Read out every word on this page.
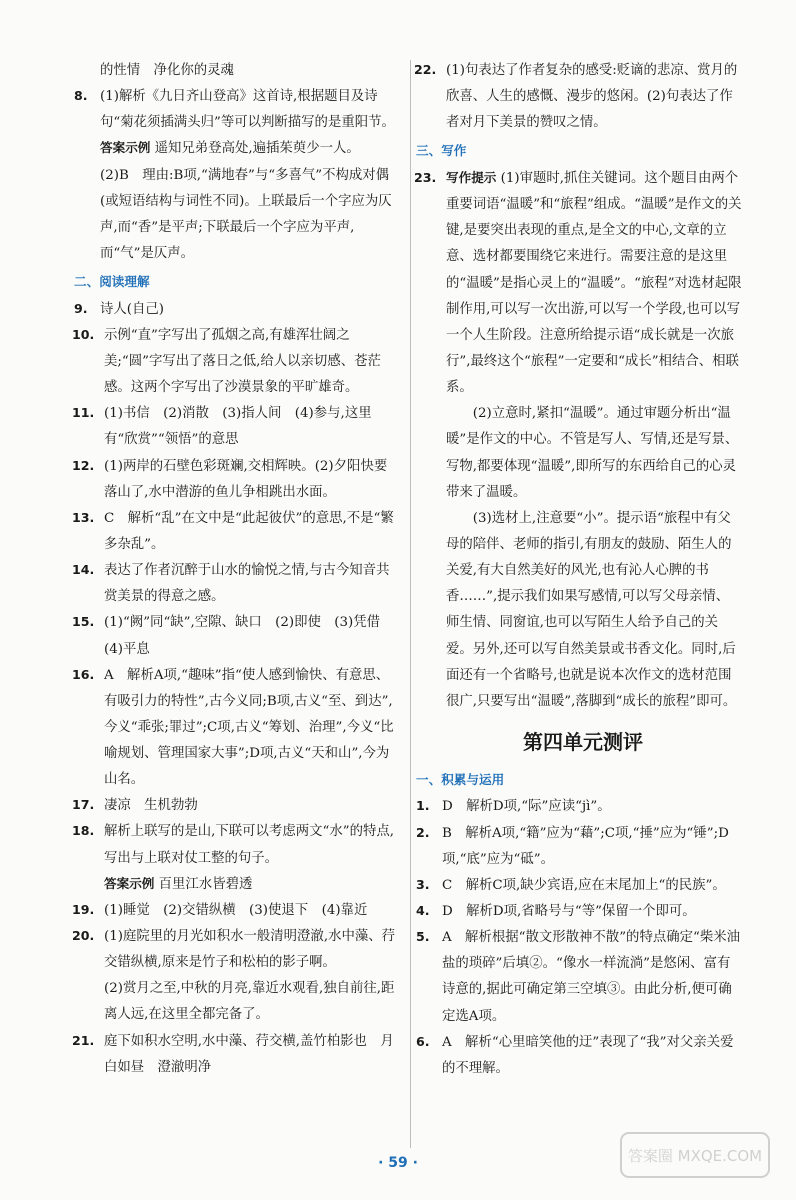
的性情　净化你的灵魂
8. (1)解析《九日齐山登高》这首诗,根据题目及诗句“菊花须插满头归”等可以判断描写的是重阳节。
答案示例 遥知兄弟登高处,遍插茱萸少一人。
(2)B　理由:B项,“满地春”与“多喜气”不构成对偶(或短语结构与词性不同)。上联最后一个字应为仄声,而“香”是平声;下联最后一个字应为平声,而“气”是仄声。
二、阅读理解
9. 诗人(自己)
10. 示例“直”字写出了孤烟之高,有雄浑壮阔之美;“圆”字写出了落日之低,给人以亲切感、苍茫感。这两个字写出了沙漠景象的平旷雄奇。
11. (1)书信　(2)消散　(3)指人间　(4)参与,这里有“欣赏”“领悟”的意思
12. (1)两岸的石壁色彩斑斓,交相辉映。(2)夕阳快要落山了,水中潜游的鱼儿争相跳出水面。
13. C　解析“乱”在文中是“此起彼伏”的意思,不是“繁多杂乱”。
14. 表达了作者沉醉于山水的愉悦之情,与古今知音共赏美景的得意之感。
15. (1)“阙”同“缺”,空隙、缺口　(2)即使　(3)凭借
(4)平息
16. A　解析A项,“趣味”指“使人感到愉快、有意思、有吸引力的特性”,古今义同;B项,古义“至、到达”,今义“乖张;罪过”;C项,古义“筹划、治理”,今义“比喻规划、管理国家大事”;D项,古义“天和山”,今为山名。
17. 凄凉　生机勃勃
18. 解析上联写的是山,下联可以考虑两文“水”的特点,写出与上联对仗工整的句子。
答案示例 百里江水皆碧透
19. (1)睡觉　(2)交错纵横　(3)使退下　(4)靠近
20. (1)庭院里的月光如积水一般清明澄澈,水中藻、荇交错纵横,原来是竹子和松柏的影子啊。
(2)赏月之至,中秋的月亮,靠近水观看,独自前往,距离人远,在这里全都完备了。
21. 庭下如积水空明,水中藻、荇交横,盖竹柏影也　月白如昼　澄澈明净
22. (1)句表达了作者复杂的感受:贬谪的悲凉、赏月的欣喜、人生的感慨、漫步的悠闲。(2)句表达了作者对月下美景的赞叹之情。
三、写作
23. 写作提示 (1)审题时,抓住关键词。这个题目由两个重要词语“温暖”和“旅程”组成。“温暖”是作文的关键,是要突出表现的重点,是全文的中心,文章的立意、选材都要围绕它来进行。需要注意的是这里的“温暖”是指心灵上的“温暖”。“旅程”对选材起限制作用,可以写一次出游,可以写一个学段,也可以写一个人生阶段。注意所给提示语“成长就是一次旅行”,最终这个“旅程”一定要和“成长”相结合、相联系。
(2)立意时,紧扣“温暖”。通过审题分析出“温暖”是作文的中心。不管是写人、写情,还是写景、写物,都要体现“温暖”,即所写的东西给自己的心灵带来了温暖。
(3)选材上,注意要“小”。提示语“旅程中有父母的陪伴、老师的指引,有朋友的鼓励、陌生人的关爱,有大自然美好的风光,也有沁人心脾的书香……”,提示我们如果写感情,可以写父母亲情、师生情、同窗谊,也可以写陌生人给予自己的关爱。另外,还可以写自然美景或书香文化。同时,后面还有一个省略号,也就是说本次作文的选材范围很广,只要写出“温暖”,落脚到“成长的旅程”即可。
第四单元测评
一、积累与运用
1. D　解析D项,“际”应读“jì”。
2. B　解析A项,“籍”应为“藉”;C项,“捶”应为“锤”;D项,“底”应为“砥”。
3. C　解析C项,缺少宾语,应在末尾加上“的民族”。
4. D　解析D项,省略号与“等”保留一个即可。
5. A　解析根据“散文形散神不散”的特点确定“柴米油盐的琐碎”后填②。“像水一样流淌”是悠闲、富有诗意的,据此可确定第三空填③。由此分析,便可确定选A项。
6. A　解析“心里暗笑他的迂”表现了“我”对父亲关爱的不理解。
· 59 ·	答案圈 MXQE.COM
